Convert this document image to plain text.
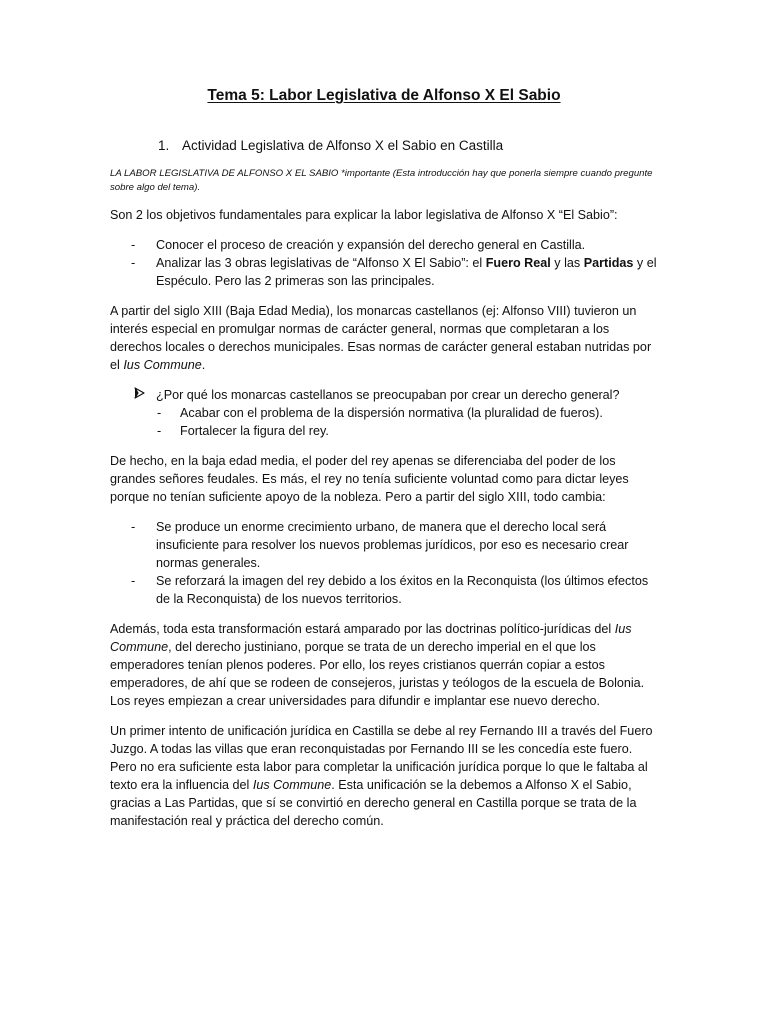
Tema 5: Labor Legislativa de Alfonso X El Sabio
1. Actividad Legislativa de Alfonso X el Sabio en Castilla

LA LABOR LEGISLATIVA DE ALFONSO X EL SABIO *importante (Esta introducción hay que ponerla siempre cuando pregunte sobre algo del tema).

Son 2 los objetivos fundamentales para explicar la labor legislativa de Alfonso X “El Sabio”:

- Conocer el proceso de creación y expansión del derecho general en Castilla.
- Analizar las 3 obras legislativas de “Alfonso X El Sabio”: el Fuero Real y las Partidas y el Espéculo. Pero las 2 primeras son las principales.

A partir del siglo XIII (Baja Edad Media), los monarcas castellanos (ej: Alfonso VIII) tuvieron un interés especial en promulgar normas de carácter general, normas que completaran a los derechos locales o derechos municipales. Esas normas de carácter general estaban nutridas por el Ius Commune.

¿Por qué los monarcas castellanos se preocupaban por crear un derecho general?
- Acabar con el problema de la dispersión normativa (la pluralidad de fueros).
- Fortalecer la figura del rey.

De hecho, en la baja edad media, el poder del rey apenas se diferenciaba del poder de los grandes señores feudales. Es más, el rey no tenía suficiente voluntad como para dictar leyes porque no tenían suficiente apoyo de la nobleza. Pero a partir del siglo XIII, todo cambia:

- Se produce un enorme crecimiento urbano, de manera que el derecho local será insuficiente para resolver los nuevos problemas jurídicos, por eso es necesario crear normas generales.
- Se reforzará la imagen del rey debido a los éxitos en la Reconquista (los últimos efectos de la Reconquista) de los nuevos territorios.

Además, toda esta transformación estará amparado por las doctrinas político-jurídicas del Ius Commune, del derecho justiniano, porque se trata de un derecho imperial en el que los emperadores tenían plenos poderes. Por ello, los reyes cristianos querrán copiar a estos emperadores, de ahí que se rodeen de consejeros, juristas y teólogos de la escuela de Bolonia. Los reyes empiezan a crear universidades para difundir e implantar ese nuevo derecho.

Un primer intento de unificación jurídica en Castilla se debe al rey Fernando III a través del Fuero Juzgo. A todas las villas que eran reconquistadas por Fernando III se les concedía este fuero. Pero no era suficiente esta labor para completar la unificación jurídica porque lo que le faltaba al texto era la influencia del Ius Commune. Esta unificación se la debemos a Alfonso X el Sabio, gracias a Las Partidas, que sí se convirtió en derecho general en Castilla porque se trata de la manifestación real y práctica del derecho común.
